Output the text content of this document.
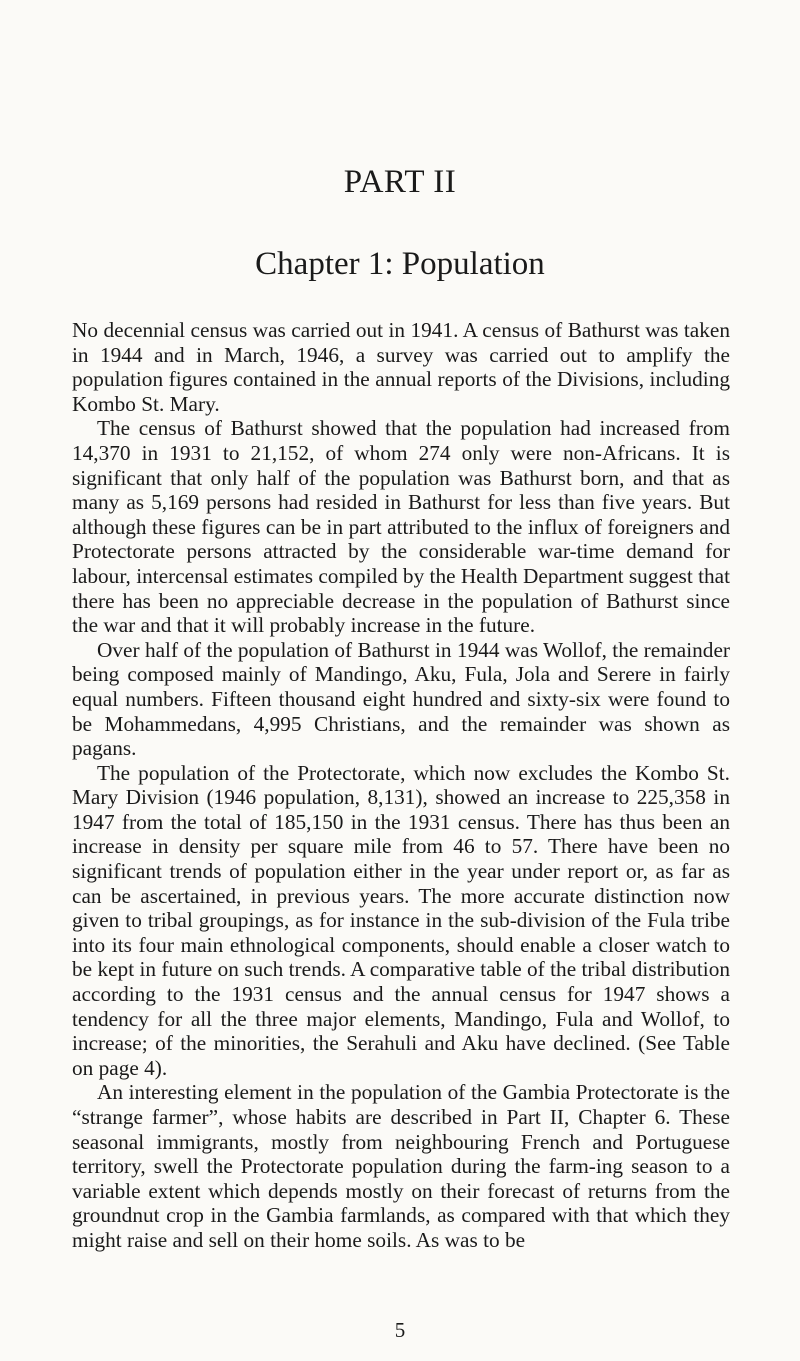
PART II
Chapter 1: Population

No decennial census was carried out in 1941. A census of Bathurst was taken in 1944 and in March, 1946, a survey was carried out to amplify the population figures contained in the annual reports of the Divisions, including Kombo St. Mary.

The census of Bathurst showed that the population had increased from 14,370 in 1931 to 21,152, of whom 274 only were non-Africans. It is significant that only half of the population was Bathurst born, and that as many as 5,169 persons had resided in Bathurst for less than five years. But although these figures can be in part attributed to the influx of foreigners and Protectorate persons attracted by the considerable war-time demand for labour, intercensal estimates compiled by the Health Department suggest that there has been no appreciable decrease in the population of Bathurst since the war and that it will probably increase in the future.

Over half of the population of Bathurst in 1944 was Wollof, the remainder being composed mainly of Mandingo, Aku, Fula, Jola and Serere in fairly equal numbers. Fifteen thousand eight hundred and sixty-six were found to be Mohammedans, 4,995 Christians, and the remainder was shown as pagans.

The population of the Protectorate, which now excludes the Kombo St. Mary Division (1946 population, 8,131), showed an increase to 225,358 in 1947 from the total of 185,150 in the 1931 census. There has thus been an increase in density per square mile from 46 to 57. There have been no significant trends of population either in the year under report or, as far as can be ascertained, in previous years. The more accurate distinction now given to tribal groupings, as for instance in the sub-division of the Fula tribe into its four main ethnological components, should enable a closer watch to be kept in future on such trends. A comparative table of the tribal distribution according to the 1931 census and the annual census for 1947 shows a tendency for all the three major elements, Mandingo, Fula and Wollof, to increase; of the minorities, the Serahuli and Aku have declined. (See Table on page 4).

An interesting element in the population of the Gambia Protectorate is the “strange farmer”, whose habits are described in Part II, Chapter 6. These seasonal immigrants, mostly from neighbouring French and Portuguese territory, swell the Protectorate population during the farm-ing season to a variable extent which depends mostly on their forecast of returns from the groundnut crop in the Gambia farmlands, as compared with that which they might raise and sell on their home soils. As was to be

5
